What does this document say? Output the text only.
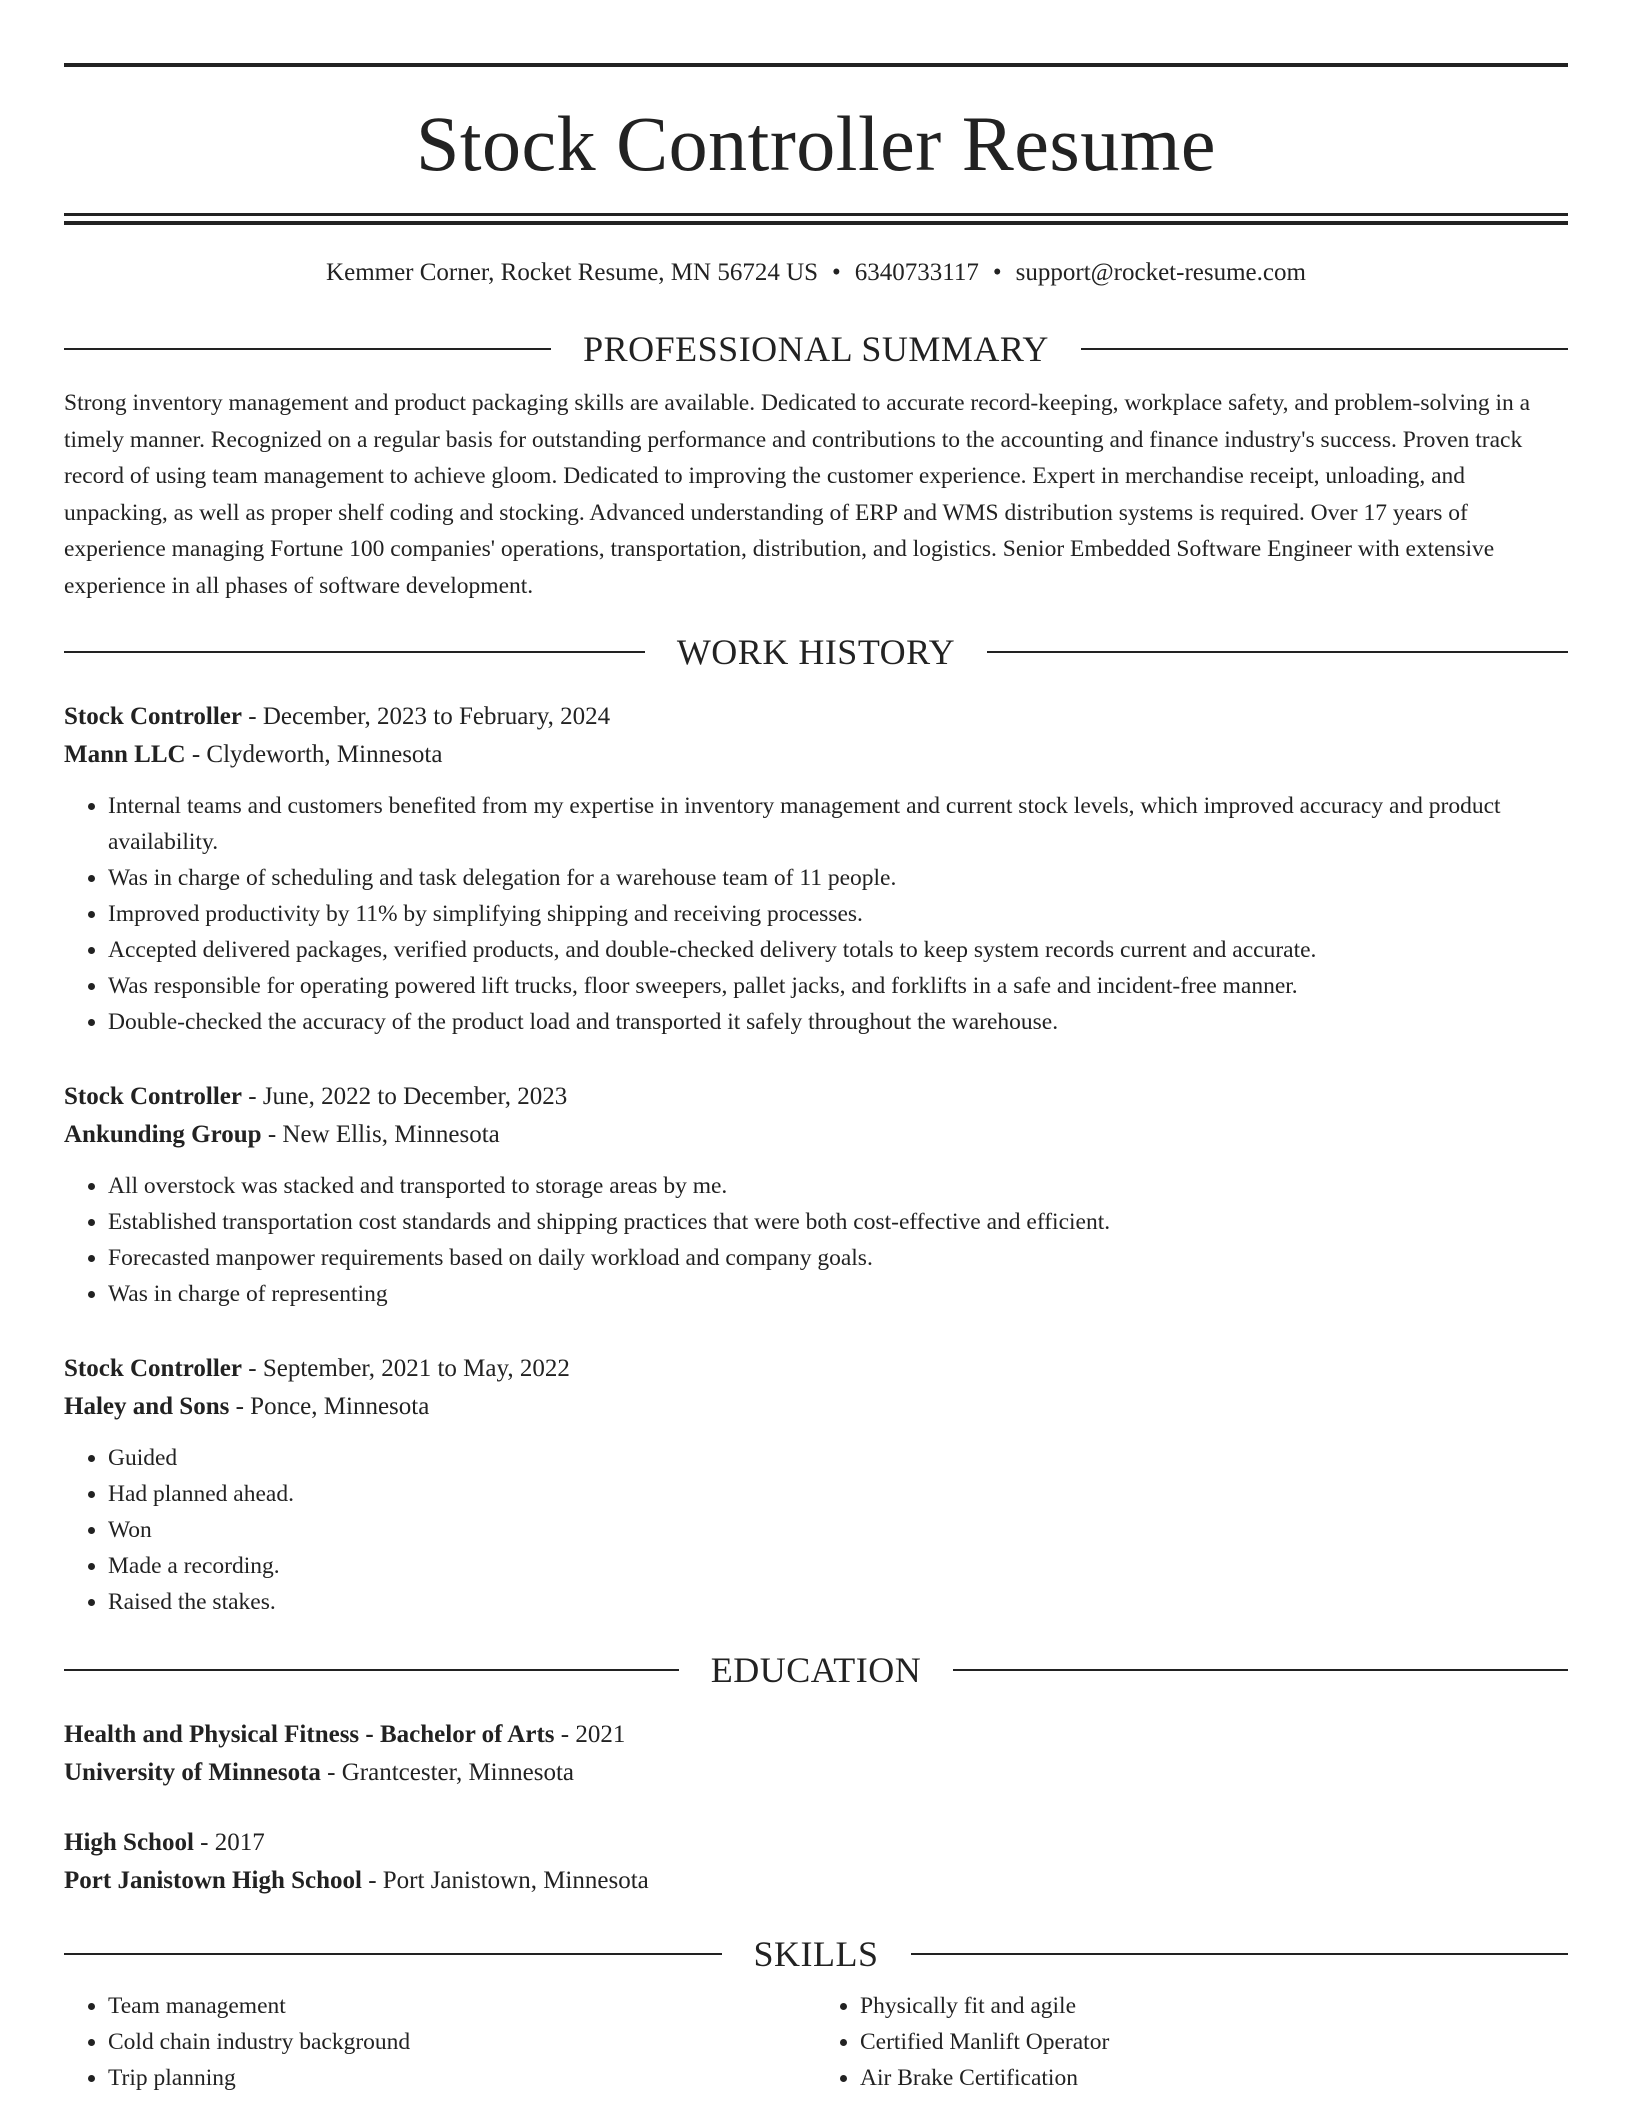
Stock Controller Resume
Kemmer Corner, Rocket Resume, MN 56724 US • 6340733117 • support@rocket-resume.com
PROFESSIONAL SUMMARY

Strong inventory management and product packaging skills are available. Dedicated to accurate record-keeping, workplace safety, and problem-solving in a timely manner. Recognized on a regular basis for outstanding performance and contributions to the accounting and finance industry's success. Proven track record of using team management to achieve gloom. Dedicated to improving the customer experience. Expert in merchandise receipt, unloading, and unpacking, as well as proper shelf coding and stocking. Advanced understanding of ERP and WMS distribution systems is required. Over 17 years of experience managing Fortune 100 companies' operations, transportation, distribution, and logistics. Senior Embedded Software Engineer with extensive experience in all phases of software development.

WORK HISTORY

Stock Controller - December, 2023 to February, 2024

Mann LLC - Clydeworth, Minnesota

• Internal teams and customers benefited from my expertise in inventory management and current stock levels, which improved accuracy and product availability.
• Was in charge of scheduling and task delegation for a warehouse team of 11 people.
• Improved productivity by 11% by simplifying shipping and receiving processes.
• Accepted delivered packages, verified products, and double-checked delivery totals to keep system records current and accurate.
• Was responsible for operating powered lift trucks, floor sweepers, pallet jacks, and forklifts in a safe and incident-free manner.
• Double-checked the accuracy of the product load and transported it safely throughout the warehouse.

Stock Controller - June, 2022 to December, 2023

Ankunding Group - New Ellis, Minnesota

• All overstock was stacked and transported to storage areas by me.
• Established transportation cost standards and shipping practices that were both cost-effective and efficient.
• Forecasted manpower requirements based on daily workload and company goals.
• Was in charge of representing

Stock Controller - September, 2021 to May, 2022

Haley and Sons - Ponce, Minnesota

• Guided
• Had planned ahead.
• Won
• Made a recording.
• Raised the stakes.
EDUCATION

Health and Physical Fitness - Bachelor of Arts - 2021

University of Minnesota - Grantcester, Minnesota

High School - 2017

Port Janistown High School - Port Janistown, Minnesota

SKILLS
• Team management
• Cold chain industry background
• Trip planning
• Physically fit and agile
• Certified Manlift Operator
• Air Brake Certification
